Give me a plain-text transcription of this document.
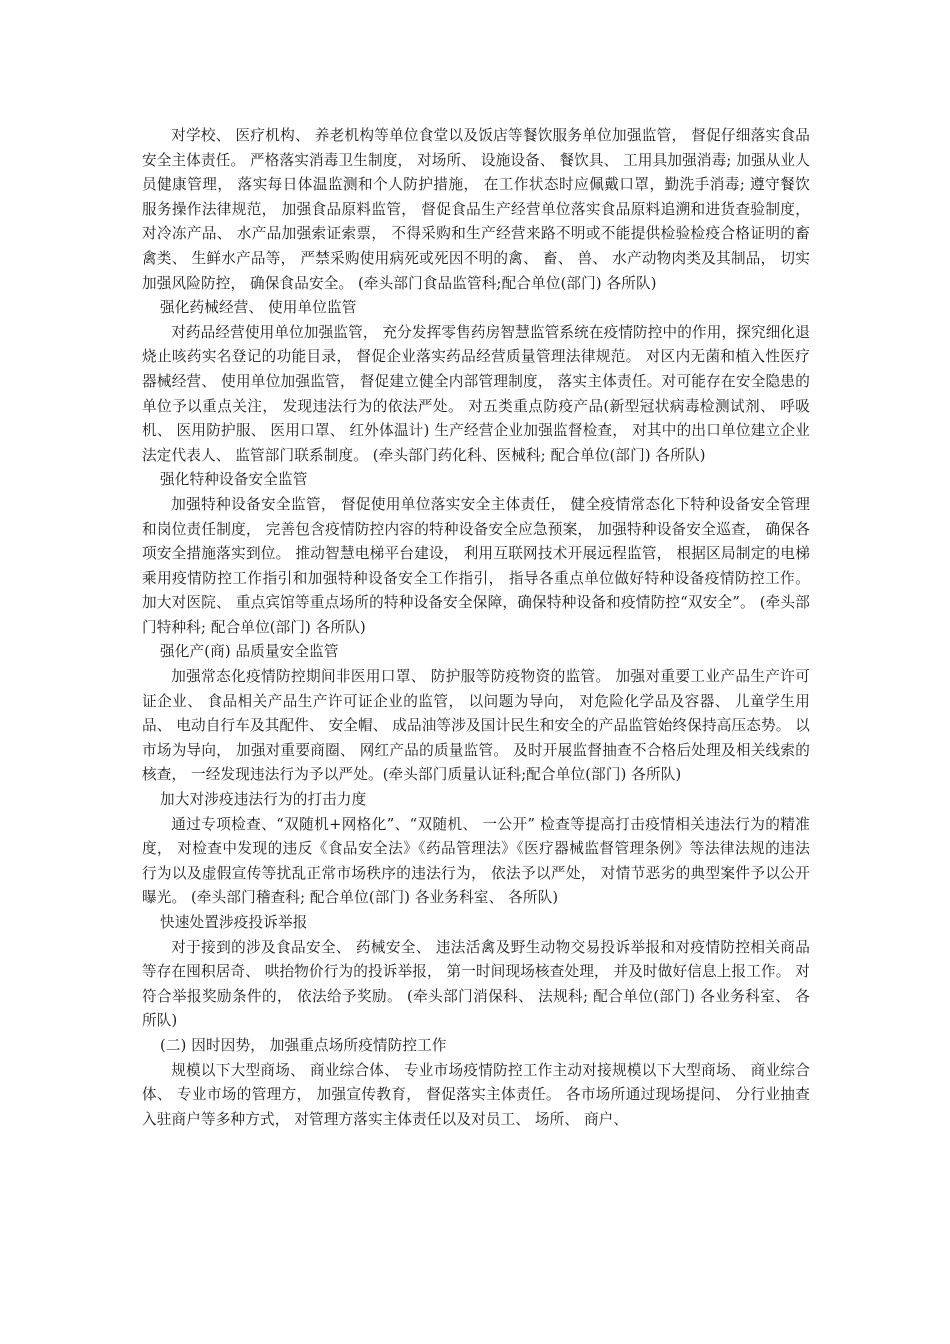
对学校、 医疗机构、 养老机构等单位食堂以及饭店等餐饮服务单位加强监管， 督促仔细落实食品安全主体责任。 严格落实消毒卫生制度， 对场所、 设施设备、 餐饮具、 工用具加强消毒; 加强从业人员健康管理， 落实每日体温监测和个人防护措施， 在工作状态时应佩戴口罩，勤洗手消毒; 遵守餐饮服务操作法律规范， 加强食品原料监管， 督促食品生产经营单位落实食品原料追溯和进货查验制度， 对冷冻产品、 水产品加强索证索票， 不得采购和生产经营来路不明或不能提供检验检疫合格证明的畜禽类、 生鲜水产品等， 严禁采购使用病死或死因不明的禽、 畜、 兽、 水产动物肉类及其制品， 切实加强风险防控， 确保食品安全。 (牵头部门食品监管科;配合单位(部门) 各所队)

强化药械经营、 使用单位监管

对药品经营使用单位加强监管， 充分发挥零售药房智慧监管系统在疫情防控中的作用，探究细化退烧止咳药实名登记的功能目录， 督促企业落实药品经营质量管理法律规范。 对区内无菌和植入性医疗器械经营、 使用单位加强监管， 督促建立健全内部管理制度， 落实主体责任。对可能存在安全隐患的单位予以重点关注， 发现违法行为的依法严处。 对五类重点防疫产品(新型冠状病毒检测试剂、 呼吸机、 医用防护服、 医用口罩、 红外体温计) 生产经营企业加强监督检查， 对其中的出口单位建立企业法定代表人、 监管部门联系制度。 (牵头部门药化科、医械科; 配合单位(部门) 各所队)

强化特种设备安全监管

加强特种设备安全监管， 督促使用单位落实安全主体责任， 健全疫情常态化下特种设备安全管理和岗位责任制度， 完善包含疫情防控内容的特种设备安全应急预案， 加强特种设备安全巡查， 确保各项安全措施落实到位。 推动智慧电梯平台建设， 利用互联网技术开展远程监管， 根据区局制定的电梯乘用疫情防控工作指引和加强特种设备安全工作指引， 指导各重点单位做好特种设备疫情防控工作。 加大对医院、 重点宾馆等重点场所的特种设备安全保障，确保特种设备和疫情防控“双安全”。 (牵头部门特种科; 配合单位(部门) 各所队)

强化产(商) 品质量安全监管

加强常态化疫情防控期间非医用口罩、 防护服等防疫物资的监管。 加强对重要工业产品生产许可证企业、 食品相关产品生产许可证企业的监管， 以问题为导向， 对危险化学品及容器、 儿童学生用品、 电动自行车及其配件、 安全帽、 成品油等涉及国计民生和安全的产品监管始终保持高压态势。 以市场为导向， 加强对重要商圈、 网红产品的质量监管。 及时开展监督抽查不合格后处理及相关线索的核查， 一经发现违法行为予以严处。(牵头部门质量认证科;配合单位(部门) 各所队)

加大对涉疫违法行为的打击力度

通过专项检查、“双随机+网格化”、“双随机、 一公开” 检查等提高打击疫情相关违法行为的精准度， 对检查中发现的违反《食品安全法》《药品管理法》《医疗器械监督管理条例》等法律法规的违法行为以及虚假宣传等扰乱正常市场秩序的违法行为， 依法予以严处， 对情节恶劣的典型案件予以公开曝光。 (牵头部门稽查科; 配合单位(部门) 各业务科室、 各所队)

快速处置涉疫投诉举报

对于接到的涉及食品安全、 药械安全、 违法活禽及野生动物交易投诉举报和对疫情防控相关商品等存在囤积居奇、 哄抬物价行为的投诉举报， 第一时间现场核查处理， 并及时做好信息上报工作。 对符合举报奖励条件的， 依法给予奖励。 (牵头部门消保科、 法规科; 配合单位(部门) 各业务科室、 各所队)

(二) 因时因势， 加强重点场所疫情防控工作

规模以下大型商场、 商业综合体、 专业市场疫情防控工作主动对接规模以下大型商场、 商业综合体、 专业市场的管理方， 加强宣传教育， 督促落实主体责任。 各市场所通过现场提问、 分行业抽查入驻商户等多种方式， 对管理方落实主体责任以及对员工、 场所、 商户、
